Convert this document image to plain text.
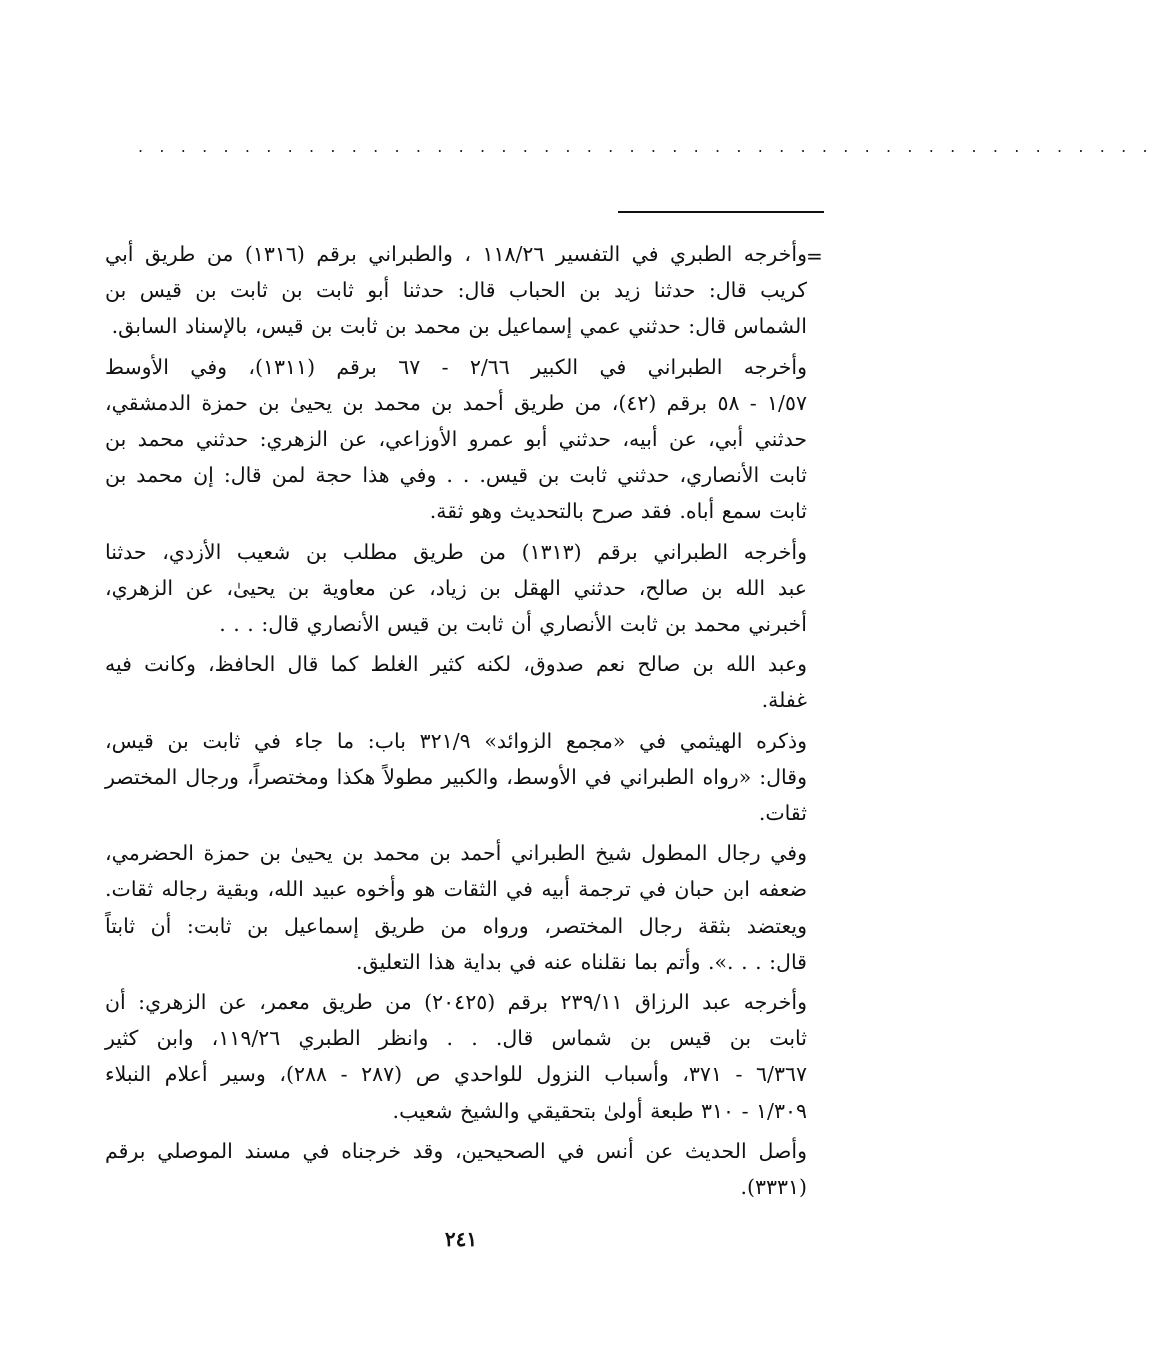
. . . . . . . . . . . . . . . . . . . . . . . . . . . . . . . . . . . . . . . . . . . . . . . .
=

وأخرجه الطبري في التفسير ١١٨/٢٦ ، والطبراني برقم (١٣١٦) من طريق أبي
كريب قال: حدثنا زيد بن الحباب قال: حدثنا أبو ثابت بن ثابت بن قيس بن
الشماس قال: حدثني عمي إسماعيل بن محمد بن ثابت بن قيس، بالإسناد السابق.

وأخرجه الطبراني في الكبير ٢/٦٦ - ٦٧ برقم (١٣١١)، وفي الأوسط
١/٥٧ - ٥٨ برقم (٤٢)، من طريق أحمد بن محمد بن يحيىٰ بن حمزة الدمشقي،
حدثني أبي، عن أبيه، حدثني أبو عمرو الأوزاعي، عن الزهري: حدثني محمد بن
ثابت الأنصاري، حدثني ثابت بن قيس. . . وفي هذا حجة لمن قال: إن محمد بن
ثابت سمع أباه. فقد صرح بالتحديث وهو ثقة.

وأخرجه الطبراني برقم (١٣١٣) من طريق مطلب بن شعيب الأزدي، حدثنا
عبد الله بن صالح، حدثني الهقل بن زياد، عن معاوية بن يحيىٰ، عن الزهري،
أخبرني محمد بن ثابت الأنصاري أن ثابت بن قيس الأنصاري قال: . . .

وعبد الله بن صالح نعم صدوق، لكنه كثير الغلط كما قال الحافظ، وكانت فيه
غفلة.

وذكره الهيثمي في «مجمع الزوائد» ٣٢١/٩ باب: ما جاء في ثابت بن قيس،
وقال: «رواه الطبراني في الأوسط، والكبير مطولاً هكذا ومختصراً، ورجال المختصر
ثقات.

وفي رجال المطول شيخ الطبراني أحمد بن محمد بن يحيىٰ بن حمزة الحضرمي،
ضعفه ابن حبان في ترجمة أبيه في الثقات هو وأخوه عبيد الله، وبقية رجاله ثقات.
ويعتضد بثقة رجال المختصر، ورواه من طريق إسماعيل بن ثابت: أن ثابتاً
قال: . . .». وأتم بما نقلناه عنه في بداية هذا التعليق.

وأخرجه عبد الرزاق ٢٣٩/١١ برقم (٢٠٤٢٥) من طريق معمر، عن الزهري: أن
ثابت بن قيس بن شماس قال. . . وانظر الطبري ١١٩/٢٦، وابن كثير
٦/٣٦٧ - ٣٧١، وأسباب النزول للواحدي ص (٢٨٧ - ٢٨٨)، وسير أعلام النبلاء
١/٣٠٩ - ٣١٠ طبعة أولىٰ بتحقيقي والشيخ شعيب.

وأصل الحديث عن أنس في الصحيحين، وقد خرجناه في مسند الموصلي برقم
(٣٣٣١).

٢٤١
